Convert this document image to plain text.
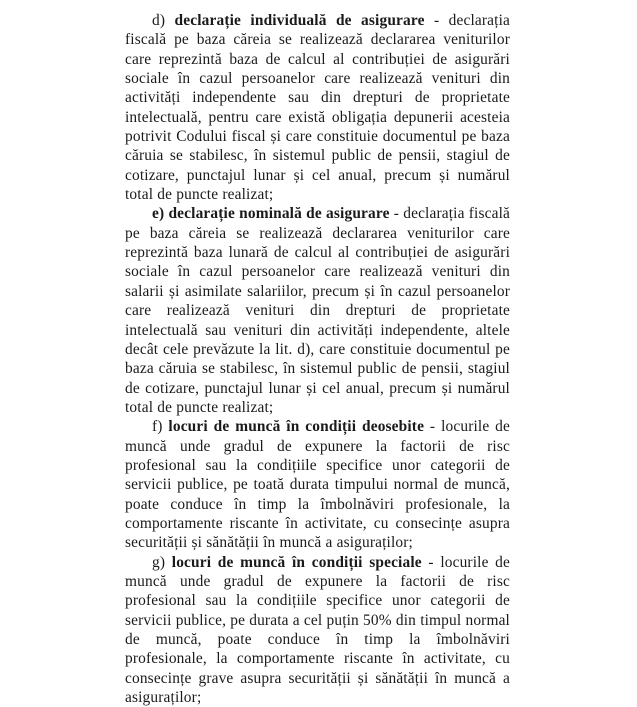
d) declarație individuală de asigurare - declarația fiscală pe baza căreia se realizează declararea veniturilor care reprezintă baza de calcul al contribuției de asigurări sociale în cazul persoanelor care realizează venituri din activități independente sau din drepturi de proprietate intelectuală, pentru care există obligația depunerii acesteia potrivit Codului fiscal și care constituie documentul pe baza căruia se stabilesc, în sistemul public de pensii, stagiul de cotizare, punctajul lunar și cel anual, precum și numărul total de puncte realizat;

e) declarație nominală de asigurare - declarația fiscală pe baza căreia se realizează declararea veniturilor care reprezintă baza lunară de calcul al contribuției de asigurări sociale în cazul persoanelor care realizează venituri din salarii și asimilate salariilor, precum și în cazul persoanelor care realizează venituri din drepturi de proprietate intelectuală sau venituri din activități independente, altele decât cele prevăzute la lit. d), care constituie documentul pe baza căruia se stabilesc, în sistemul public de pensii, stagiul de cotizare, punctajul lunar și cel anual, precum și numărul total de puncte realizat;

f) locuri de muncă în condiții deosebite - locurile de muncă unde gradul de expunere la factorii de risc profesional sau la condițiile specifice unor categorii de servicii publice, pe toată durata timpului normal de muncă, poate conduce în timp la îmbolnăviri profesionale, la comportamente riscante în activitate, cu consecințe asupra securității și sănătății în muncă a asiguraților;

g) locuri de muncă în condiții speciale - locurile de muncă unde gradul de expunere la factorii de risc profesional sau la condițiile specifice unor categorii de servicii publice, pe durata a cel puțin 50% din timpul normal de muncă, poate conduce în timp la îmbolnăviri profesionale, la comportamente riscante în activitate, cu consecințe grave asupra securității și sănătății în muncă a asiguraților;
